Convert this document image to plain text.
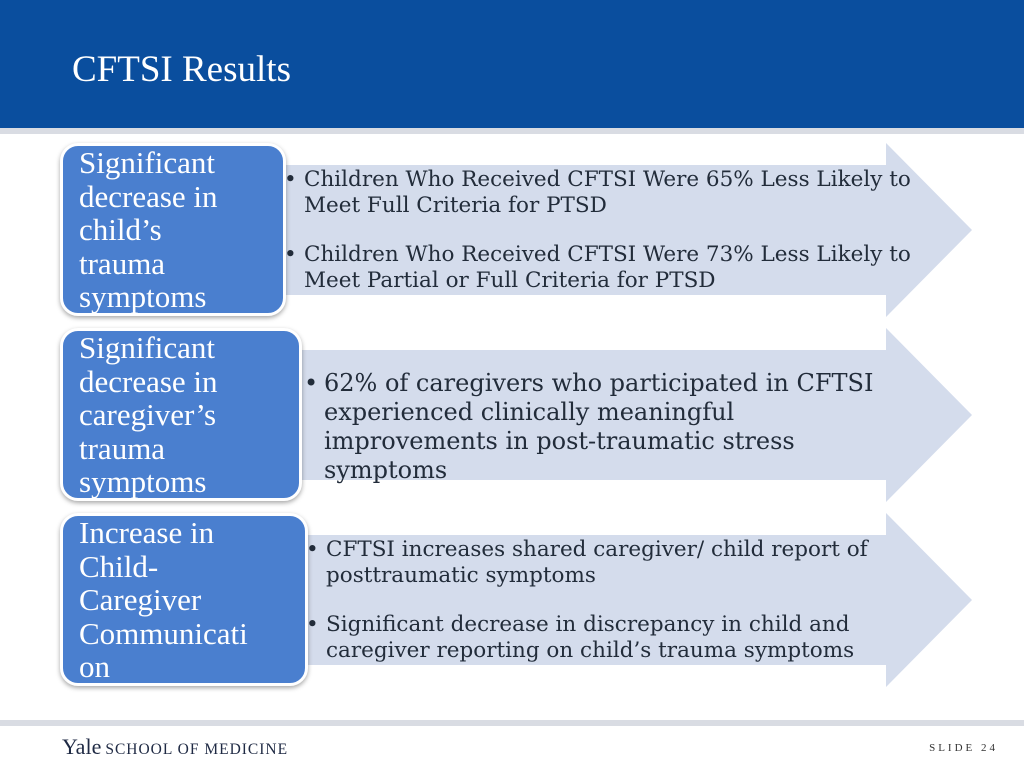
CFTSI Results
Significant
decrease in
child’s
trauma
symptoms
• Children Who Received CFTSI Were 65% Less Likely to Meet Full Criteria for PTSD
• Children Who Received CFTSI Were 73% Less Likely to Meet Partial or Full Criteria for PTSD
Significant
decrease in
caregiver’s
trauma
symptoms
• 62% of caregivers who participated in CFTSI experienced clinically meaningful improvements in post-traumatic stress symptoms
Increase in
Child-
Caregiver
Communicati
on
• CFTSI increases shared caregiver/ child report of posttraumatic symptoms
• Significant decrease in discrepancy in child and caregiver reporting on child’s trauma symptoms
Yale SCHOOL OF MEDICINE	SLIDE 24
